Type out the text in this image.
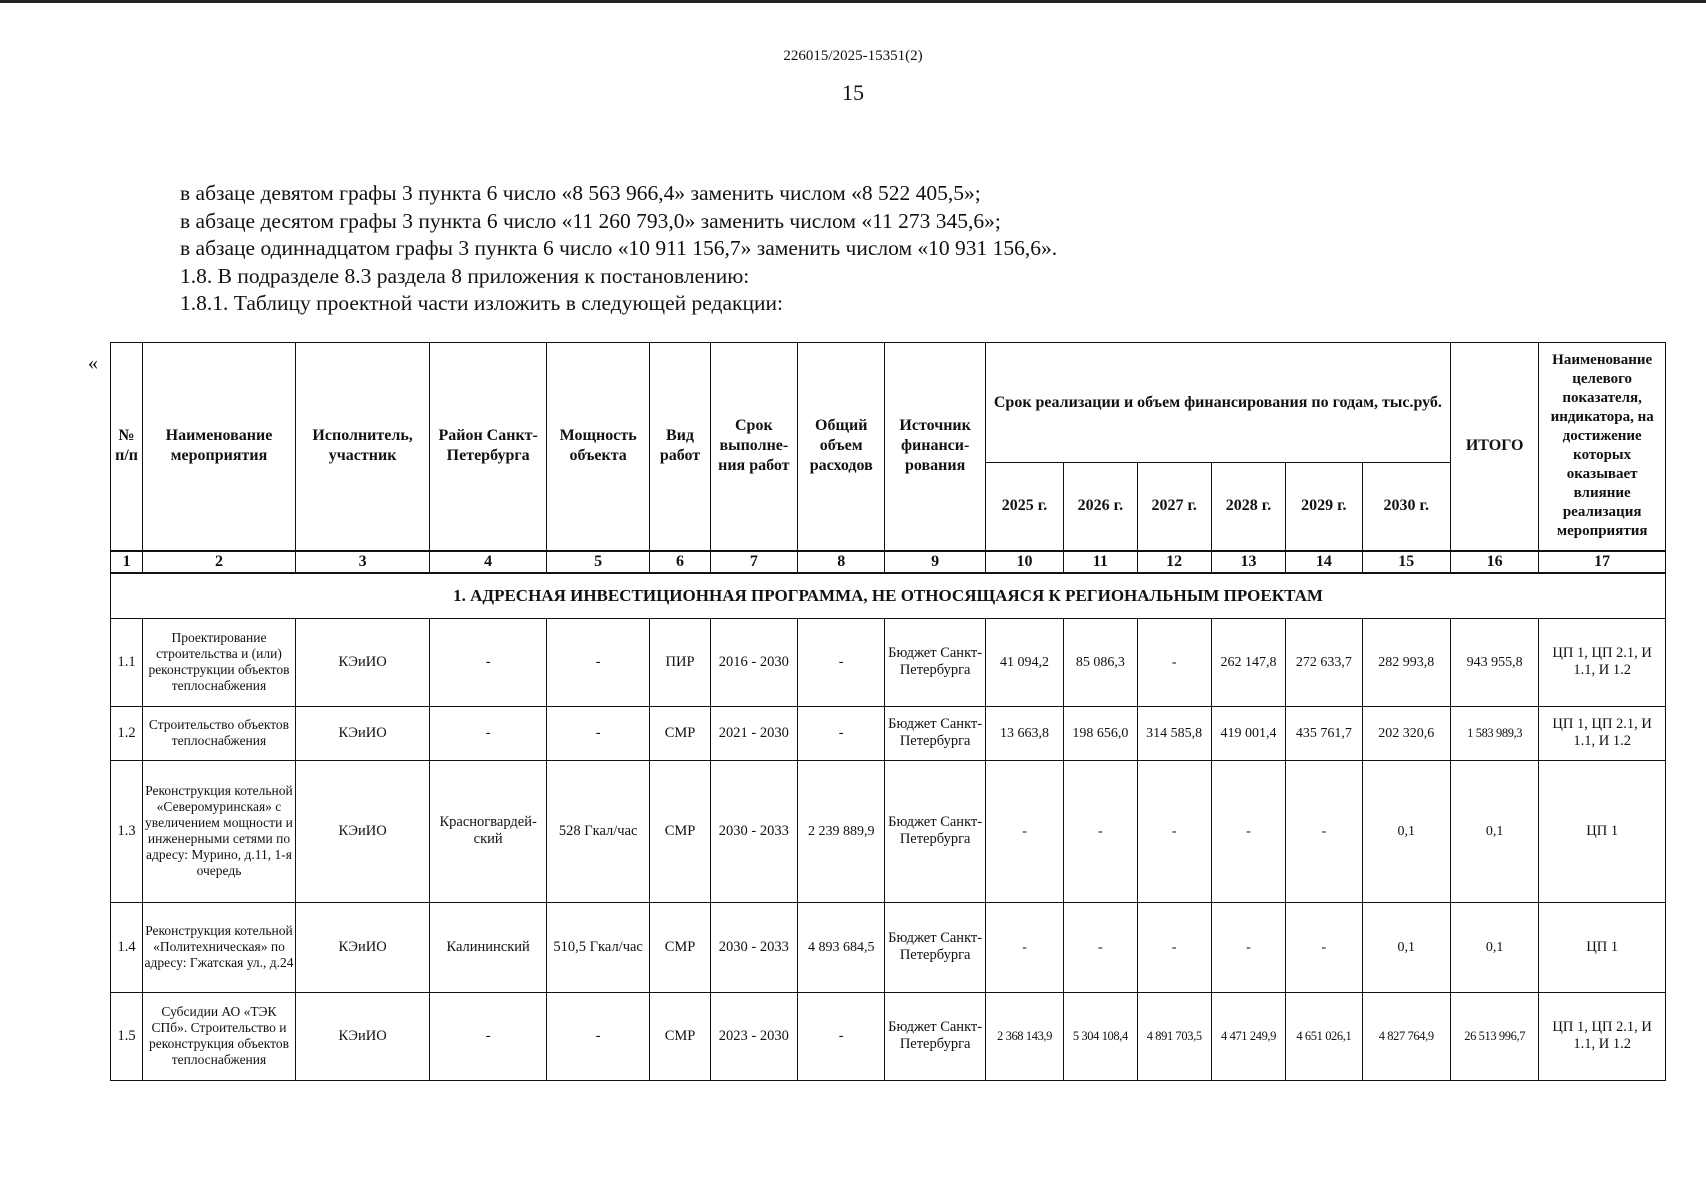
226015/2025-15351(2)
15
в абзаце девятом графы 3 пункта 6 число «8 563 966,4» заменить числом «8 522 405,5»;
в абзаце десятом графы 3 пункта 6 число «11 260 793,0» заменить числом «11 273 345,6»;
в абзаце одиннадцатом графы 3 пункта 6 число «10 911 156,7» заменить числом «10 931 156,6».
1.8. В подразделе 8.3 раздела 8 приложения к постановлению:
1.8.1. Таблицу проектной части изложить в следующей редакции:
«
№ п/п	Наименование мероприятия	Исполнитель, участник	Район Санкт-Петербурга	Мощность объекта	Вид работ	Срок выполне-ния работ	Общий объем расходов	Источник финанси-рования	Срок реализации и объем финансирования по годам, тыс.руб.						ИТОГО	Наименование целевого показателя, индикатора, на достижение которых оказывает влияние реализация мероприятия
									2025 г.	2026 г.	2027 г.	2028 г.	2029 г.	2030 г.		
1	2	3	4	5	6	7	8	9	10	11	12	13	14	15	16	17
1. АДРЕСНАЯ ИНВЕСТИЦИОННАЯ ПРОГРАММА, НЕ ОТНОСЯЩАЯСЯ К РЕГИОНАЛЬНЫМ ПРОЕКТАМ																
1.1	Проектирование строительства и (или) реконструкции объектов теплоснабжения	КЭиИО	-	-	ПИР	2016 - 2030	-	Бюджет Санкт-Петербурга	41 094,2	85 086,3	-	262 147,8	272 633,7	282 993,8	943 955,8	ЦП 1, ЦП 2.1, И 1.1, И 1.2
1.2	Строительство объектов теплоснабжения	КЭиИО	-	-	СМР	2021 - 2030	-	Бюджет Санкт-Петербурга	13 663,8	198 656,0	314 585,8	419 001,4	435 761,7	202 320,6	1 583 989,3	ЦП 1, ЦП 2.1, И 1.1, И 1.2
1.3	Реконструкция котельной «Северомуринская» с увеличением мощности и инженерными сетями по адресу: Мурино, д.11, 1-я очередь	КЭиИО	Красногвардей-ский	528 Гкал/час	СМР	2030 - 2033	2 239 889,9	Бюджет Санкт-Петербурга	-	-	-	-	-	0,1	0,1	ЦП 1
1.4	Реконструкция котельной «Политехническая» по адресу: Гжатская ул., д.24	КЭиИО	Калининский	510,5 Гкал/час	СМР	2030 - 2033	4 893 684,5	Бюджет Санкт-Петербурга	-	-	-	-	-	0,1	0,1	ЦП 1
1.5	Субсидии АО «ТЭК СПб». Строительство и реконструкция объектов теплоснабжения	КЭиИО	-	-	СМР	2023 - 2030	-	Бюджет Санкт-Петербурга	2 368 143,9	5 304 108,4	4 891 703,5	4 471 249,9	4 651 026,1	4 827 764,9	26 513 996,7	ЦП 1, ЦП 2.1, И 1.1, И 1.2
